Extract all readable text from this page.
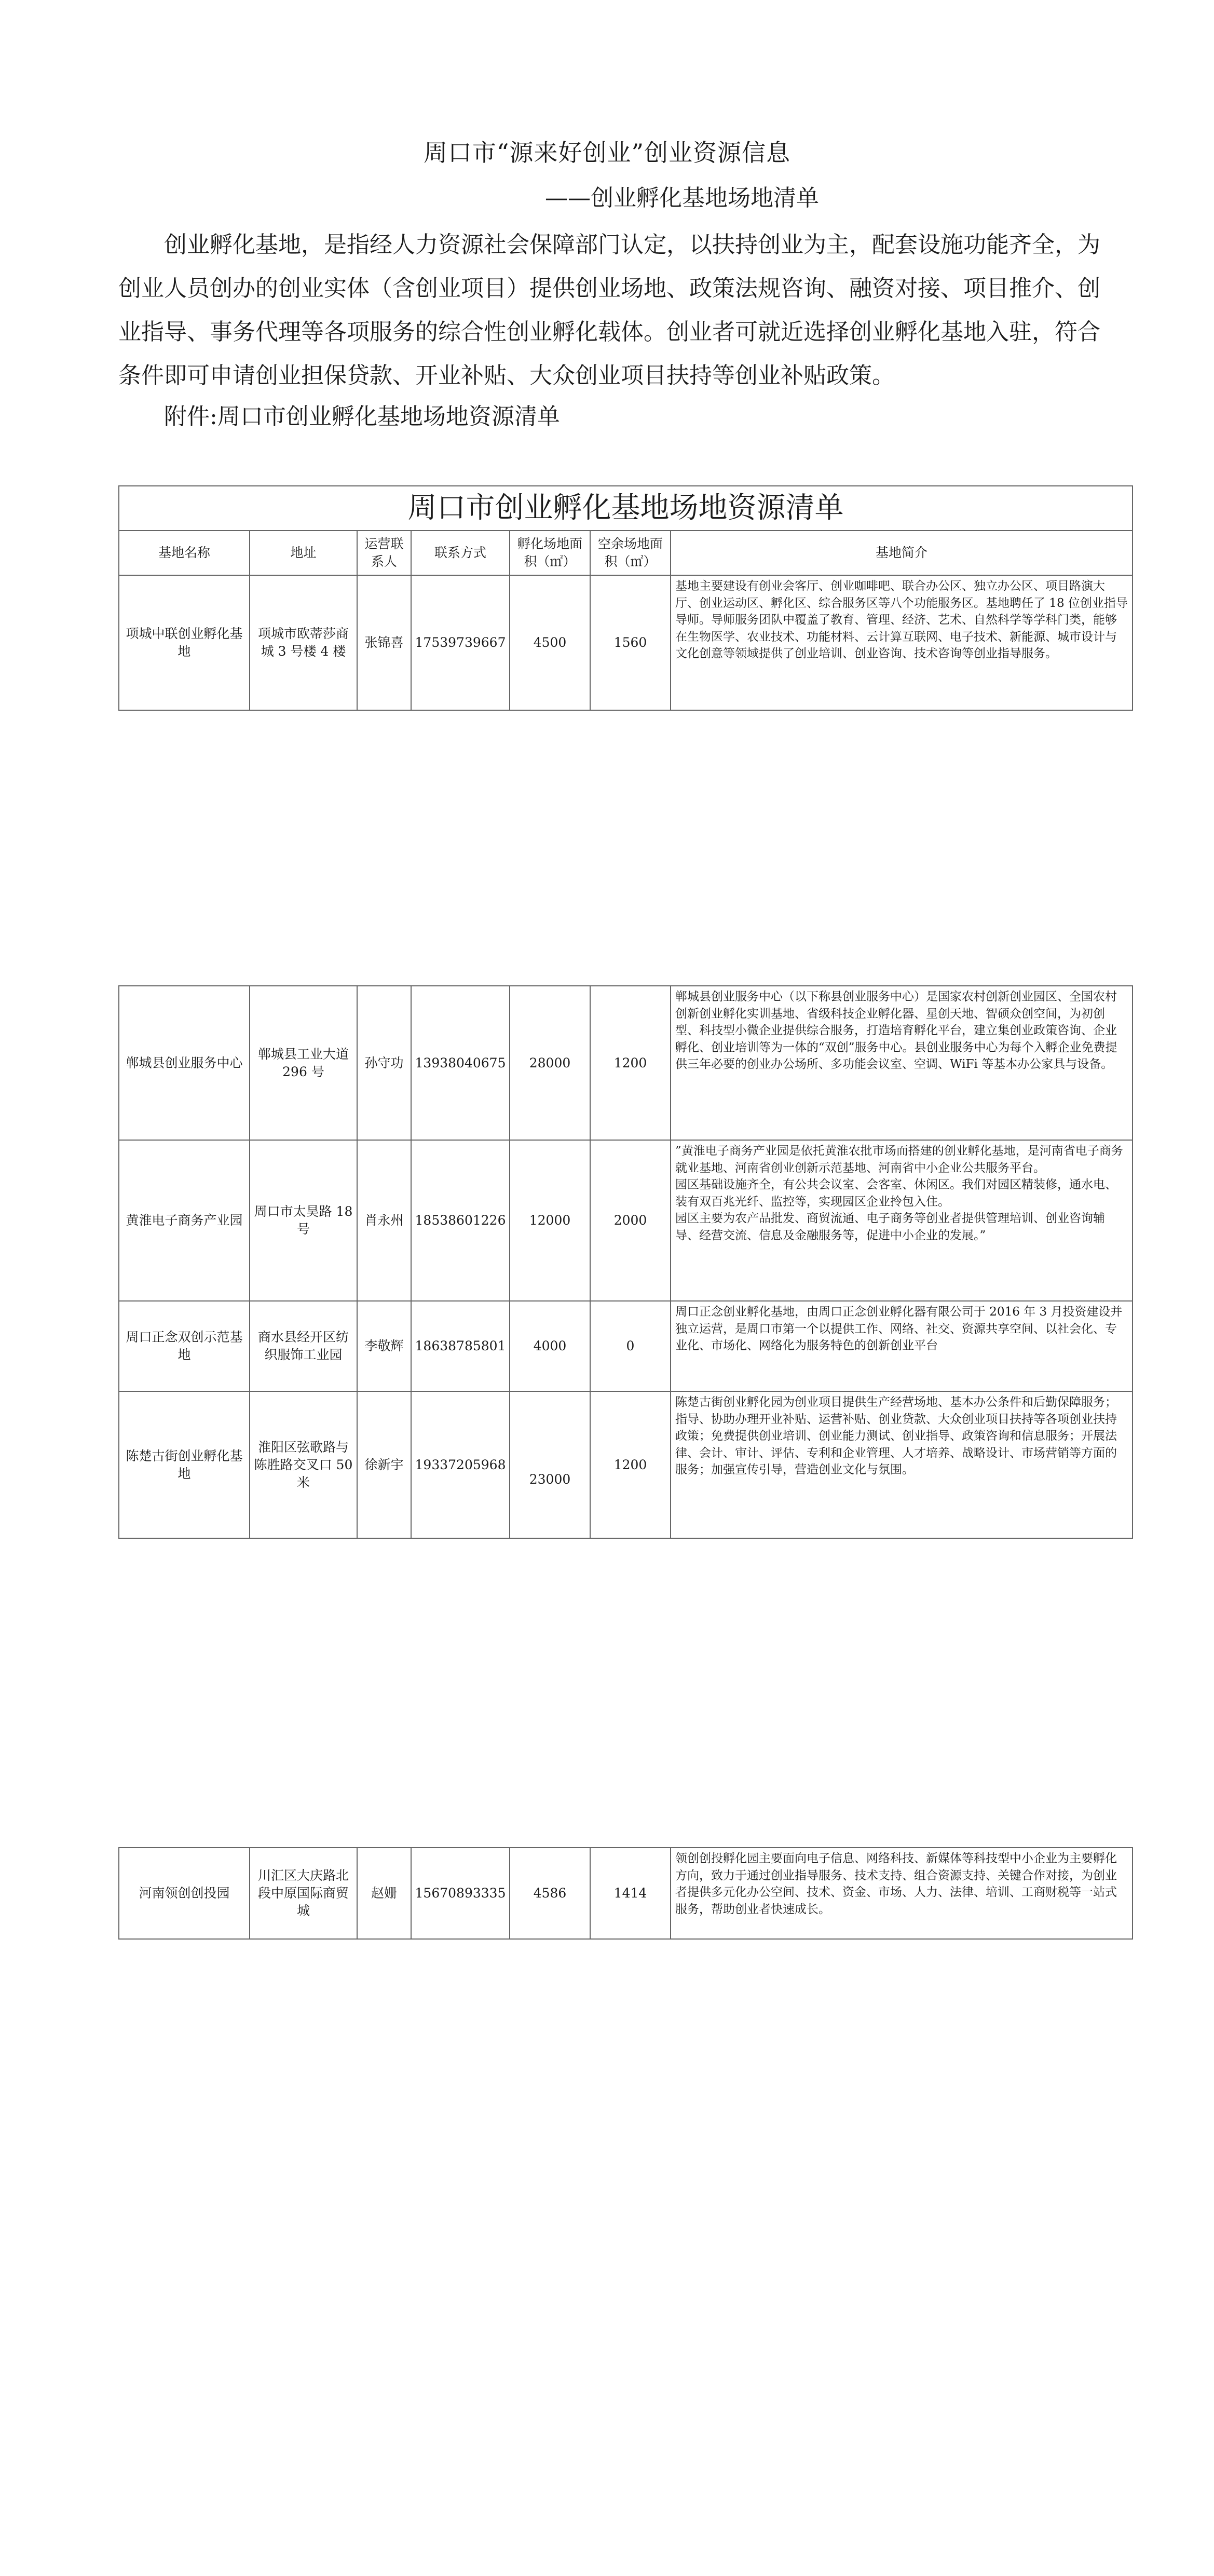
周口市“源来好创业”创业资源信息
——创业孵化基地场地清单

创业孵化基地，是指经人力资源社会保障部门认定，以扶持创业为主，配套设施功能齐全，为创业人员创办的创业实体（含创业项目）提供创业场地、政策法规咨询、融资对接、项目推介、创业指导、事务代理等各项服务的综合性创业孵化载体。创业者可就近选择创业孵化基地入驻，符合条件即可申请创业担保贷款、开业补贴、大众创业项目扶持等创业补贴政策。

附件:周口市创业孵化基地场地资源清单
周口市创业孵化基地场地资源清单						
基地名称	地址	运营联系人	联系方式	孵化场地面积（㎡）	空余场地面积（㎡）	基地简介
项城中联创业孵化基地	项城市欧蒂莎商城 3 号楼 4 楼	张锦喜	17539739667	4500	1560	基地主要建设有创业会客厅、创业咖啡吧、联合办公区、独立办公区、项目路演大厅、创业运动区、孵化区、综合服务区等八个功能服务区。基地聘任了 18 位创业指导导师。导师服务团队中覆盖了教育、管理、经济、艺术、自然科学等学科门类，能够在生物医学、农业技术、功能材料、云计算互联网、电子技术、新能源、城市设计与文化创意等领域提供了创业培训、创业咨询、技术咨询等创业指导服务。
郸城县创业服务中心	郸城县工业大道 296 号	孙守功	13938040675	28000	1200	郸城县创业服务中心（以下称县创业服务中心）是国家农村创新创业园区、全国农村创新创业孵化实训基地、省级科技企业孵化器、星创天地、智硕众创空间，为初创型、科技型小微企业提供综合服务，打造培育孵化平台，建立集创业政策咨询、企业孵化、创业培训等为一体的“双创”服务中心。县创业服务中心为每个入孵企业免费提供三年必要的创业办公场所、多功能会议室、空调、WiFi 等基本办公家具与设备。
黄淮电子商务产业园	周口市太昊路 18 号	肖永州	18538601226	12000	2000	”黄淮电子商务产业园是依托黄淮农批市场而搭建的创业孵化基地，是河南省电子商务就业基地、河南省创业创新示范基地、河南省中小企业公共服务平台。
园区基础设施齐全，有公共会议室、会客室、休闲区。我们对园区精装修，通水电、装有双百兆光纤、监控等，实现园区企业拎包入住。
园区主要为农产品批发、商贸流通、电子商务等创业者提供管理培训、创业咨询辅导、经营交流、信息及金融服务等，促进中小企业的发展。”
周口正念双创示范基地	商水县经开区纺织服饰工业园	李敬辉	18638785801	4000	0	周口正念创业孵化基地，由周口正念创业孵化器有限公司于 2016 年 3 月投资建设并独立运营，是周口市第一个以提供工作、网络、社交、资源共享空间、以社会化、专业化、市场化、网络化为服务特色的创新创业平台
陈楚古街创业孵化基地	淮阳区弦歌路与陈胜路交叉口 50 米	徐新宇	19337205968	23000	1200	陈楚古街创业孵化园为创业项目提供生产经营场地、基本办公条件和后勤保障服务；指导、协助办理开业补贴、运营补贴、创业贷款、大众创业项目扶持等各项创业扶持政策；免费提供创业培训、创业能力测试、创业指导、政策咨询和信息服务；开展法律、会计、审计、评估、专利和企业管理、人才培养、战略设计、市场营销等方面的服务；加强宣传引导，营造创业文化与氛围。
河南领创创投园	川汇区大庆路北段中原国际商贸城	赵姗	15670893335	4586	1414	领创创投孵化园主要面向电子信息、网络科技、新媒体等科技型中小企业为主要孵化方向，致力于通过创业指导服务、技术支持、组合资源支持、关键合作对接，为创业者提供多元化办公空间、技术、资金、市场、人力、法律、培训、工商财税等一站式服务，帮助创业者快速成长。
